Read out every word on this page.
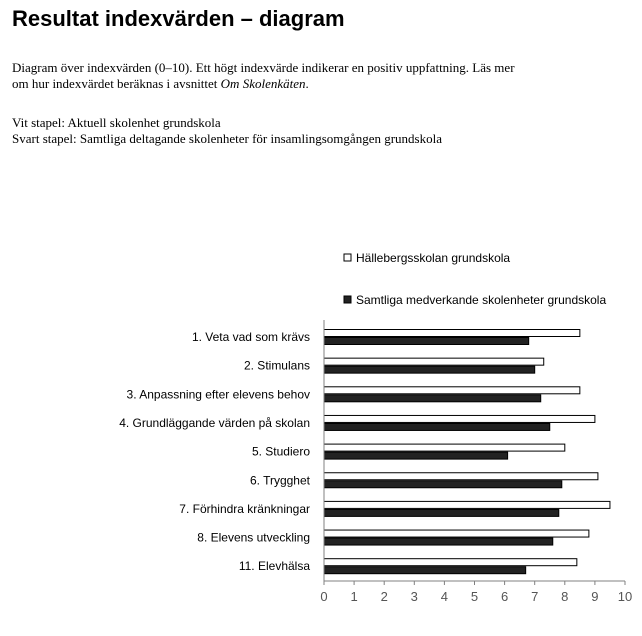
Resultat indexvärden – diagram
Diagram över indexvärden (0–10). Ett högt indexvärde indikerar en positiv uppfattning. Läs mer
om hur indexvärdet beräknas i avsnittet Om Skolenkäten.
Vit stapel: Aktuell skolenhet grundskola
Svart stapel: Samtliga deltagande skolenheter för insamlingsomgången grundskola
Hällebergsskolan grundskola
Samtliga medverkande skolenheter grundskola
1. Veta vad som krävs
2. Stimulans
3. Anpassning efter elevens behov
4. Grundläggande värden på skolan
5. Studiero
6. Trygghet
7. Förhindra kränkningar
8. Elevens utveckling
11. Elevhälsa
0 1 2 3 4 5 6 7 8 9 10
